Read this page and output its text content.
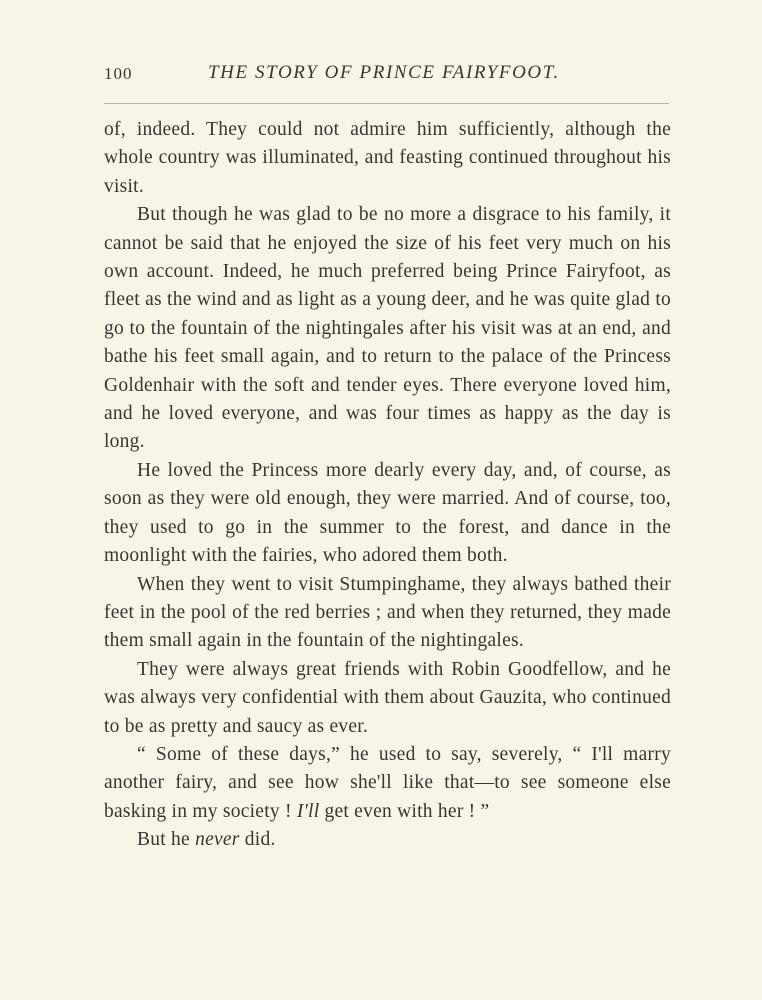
100	THE STORY OF PRINCE FAIRYFOOT.

of, indeed. They could not admire him sufficiently, although the whole country was illuminated, and feasting continued throughout his visit.

But though he was glad to be no more a disgrace to his family, it cannot be said that he enjoyed the size of his feet very much on his own account. Indeed, he much preferred being Prince Fairyfoot, as fleet as the wind and as light as a young deer, and he was quite glad to go to the fountain of the nightingales after his visit was at an end, and bathe his feet small again, and to return to the palace of the Princess Goldenhair with the soft and tender eyes. There everyone loved him, and he loved everyone, and was four times as happy as the day is long.

He loved the Princess more dearly every day, and, of course, as soon as they were old enough, they were married. And of course, too, they used to go in the summer to the forest, and dance in the moonlight with the fairies, who adored them both.

When they went to visit Stumpinghame, they always bathed their feet in the pool of the red berries ; and when they returned, they made them small again in the fountain of the nightingales.

They were always great friends with Robin Goodfellow, and he was always very confidential with them about Gauzita, who continued to be as pretty and saucy as ever.

“ Some of these days,” he used to say, severely, “ I'll marry another fairy, and see how she'll like that—to see someone else basking in my society ! I'll get even with her ! ”

But he never did.
